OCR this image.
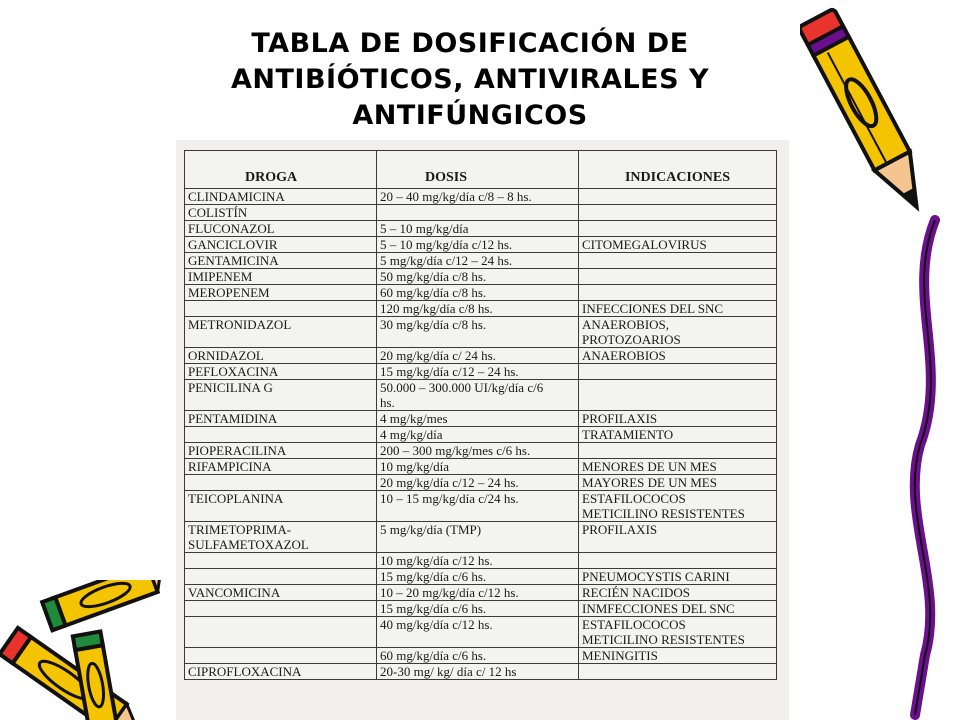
TABLA DE DOSIFICACIÓN DE
ANTIBÍÓTICOS, ANTIVIRALES Y
ANTIFÚNGICOS
DROGA	DOSIS	INDICACIONES
CLINDAMICINA	20 – 40 mg/kg/día c/8 – 8 hs.	
COLISTÍN		
FLUCONAZOL	5 – 10 mg/kg/día	
GANCICLOVIR	5 – 10 mg/kg/día c/12 hs.	CITOMEGALOVIRUS
GENTAMICINA	5 mg/kg/día c/12 – 24 hs.	
IMIPENEM	50 mg/kg/día c/8 hs.	
MEROPENEM	60 mg/kg/día c/8 hs.	
	120 mg/kg/día c/8 hs.	INFECCIONES DEL SNC
METRONIDAZOL	30 mg/kg/día c/8 hs.	ANAEROBIOS,
PROTOZOARIOS
ORNIDAZOL	20 mg/kg/día c/ 24 hs.	ANAEROBIOS
PEFLOXACINA	15 mg/kg/día c/12 – 24 hs.	
PENICILINA G	50.000 – 300.000 UI/kg/día c/6
hs.	
PENTAMIDINA	4 mg/kg/mes	PROFILAXIS
	4 mg/kg/día	TRATAMIENTO
PIOPERACILINA	200 – 300 mg/kg/mes c/6 hs.	
RIFAMPICINA	10 mg/kg/día	MENORES DE UN MES
	20 mg/kg/día c/12 – 24 hs.	MAYORES DE UN MES
TEICOPLANINA	10 – 15 mg/kg/día c/24 hs.	ESTAFILOCOCOS
METICILINO RESISTENTES
TRIMETOPRIMA-
SULFAMETOXAZOL	5 mg/kg/día (TMP)	PROFILAXIS
	10 mg/kg/día c/12 hs.	
	15 mg/kg/día c/6 hs.	PNEUMOCYSTIS CARINI
VANCOMICINA	10 – 20 mg/kg/día c/12 hs.	RECIÉN NACIDOS
	15 mg/kg/día c/6 hs.	INMFECCIONES DEL SNC
	40 mg/kg/día c/12 hs.	ESTAFILOCOCOS
METICILINO RESISTENTES
	60 mg/kg/día c/6 hs.	MENINGITIS
CIPROFLOXACINA	20-30 mg/ kg/ día c/ 12 hs	
